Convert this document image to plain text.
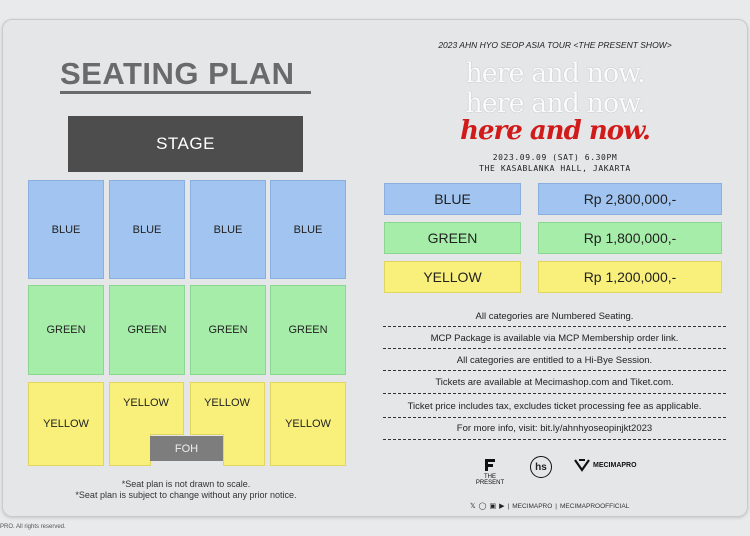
SEATING PLAN
STAGE
BLUE	BLUE	BLUE	BLUE
GREEN	GREEN	GREEN	GREEN
YELLOW
YELLOW	YELLOW
YELLOW
FOH
*Seat plan is not drawn to scale.
*Seat plan is subject to change without any prior notice.
2023 AHN HYO SEOP ASIA TOUR <THE PRESENT SHOW>
here and now.
here and now.
here and now.
2023.09.09 (SAT) 6.30PM
THE KASABLANKA HALL, JAKARTA
BLUE	Rp 2,800,000,-
GREEN	Rp 1,800,000,-
YELLOW	Rp 1,200,000,-
All categories are Numbered Seating.
MCP Package is available via MCP Membership order link.
All categories are entitled to a Hi-Bye Session.
Tickets are available at Mecimashop.com and Tiket.com.
Ticket price includes tax, excludes ticket processing fee as applicable.
For more info, visit: bit.ly/ahnhyoseopinjkt2023
THE PRESENT
hs	MECIMAPRO
𝕏 ◯ ▣ ▶ | MECIMAPRO | MECIMAPROOFFICIAL
PRO. All rights reserved.
